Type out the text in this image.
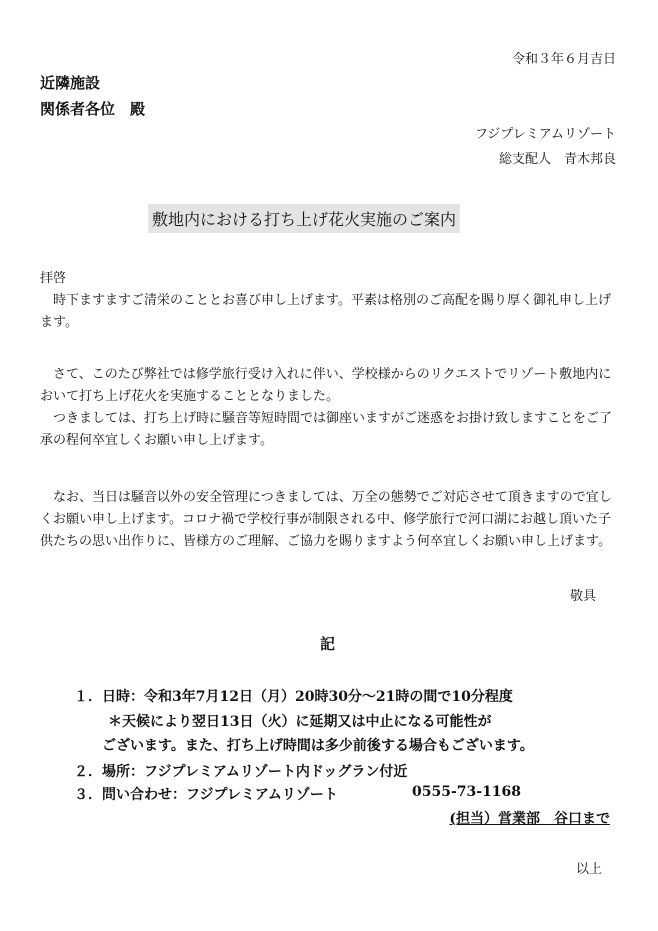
令和３年６月吉日
近隣施設
関係者各位　殿
フジプレミアムリゾート
総支配人　青木邦良
敷地内における打ち上げ花火実施のご案内
拝啓
時下ますますご清栄のこととお喜び申し上げます。平素は格別のご高配を賜り厚く御礼申し上げます。
さて、このたび弊社では修学旅行受け入れに伴い、学校様からのリクエストでリゾート敷地内において打ち上げ花火を実施することとなりました。
つきましては、打ち上げ時に騒音等短時間では御座いますがご迷惑をお掛け致しますことをご了承の程何卒宜しくお願い申し上げます。
なお、当日は騒音以外の安全管理につきましては、万全の態勢でご対応させて頂きますので宜しくお願い申し上げます。コロナ禍で学校行事が制限される中、修学旅行で河口湖にお越し頂いた子供たちの思い出作りに、皆様方のご理解、ご協力を賜りますよう何卒宜しくお願い申し上げます。
敬具
記
１．日時：令和3年7月12日（月）20時30分～21時の間で10分程度
＊天候により翌日13日（火）に延期又は中止になる可能性が
ございます。また、打ち上げ時間は多少前後する場合もございます。
２．場所：フジプレミアムリゾート内ドッグラン付近
３．問い合わせ：フジプレミアムリゾート	0555-73-1168
(担当）営業部　谷口まで
以上
